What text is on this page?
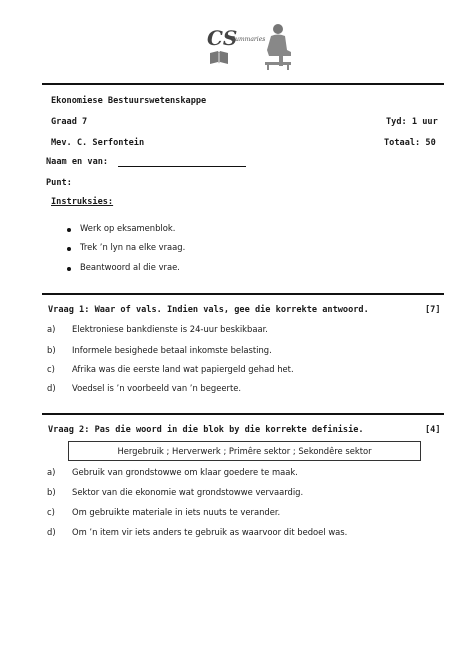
CS
Summaries
Ekonomiese Bestuurswetenskappe
Graad 7	Tyd: 1 uur
Mev. C. Serfontein	Totaal: 50
Naam en van:
Punt:
Instruksies:
Werk op eksamenblok.
Trek ’n lyn na elke vraag.
Beantwoord al die vrae.
Vraag 1: Waar of vals. Indien vals, gee die korrekte antwoord.	[7]
a) Elektroniese bankdienste is 24-uur beskikbaar.
b) Informele besighede betaal inkomste belasting.
c) Afrika was die eerste land wat papiergeld gehad het.
d) Voedsel is ’n voorbeeld van ’n begeerte.
Vraag 2: Pas die woord in die blok by die korrekte definisie.	[4]
Hergebruik ; Herverwerk ; Primêre sektor ; Sekondêre sektor
a) Gebruik van grondstowwe om klaar goedere te maak.
b) Sektor van die ekonomie wat grondstowwe vervaardig.
c) Om gebruikte materiale in iets nuuts te verander.
d) Om ’n item vir iets anders te gebruik as waarvoor dit bedoel was.
